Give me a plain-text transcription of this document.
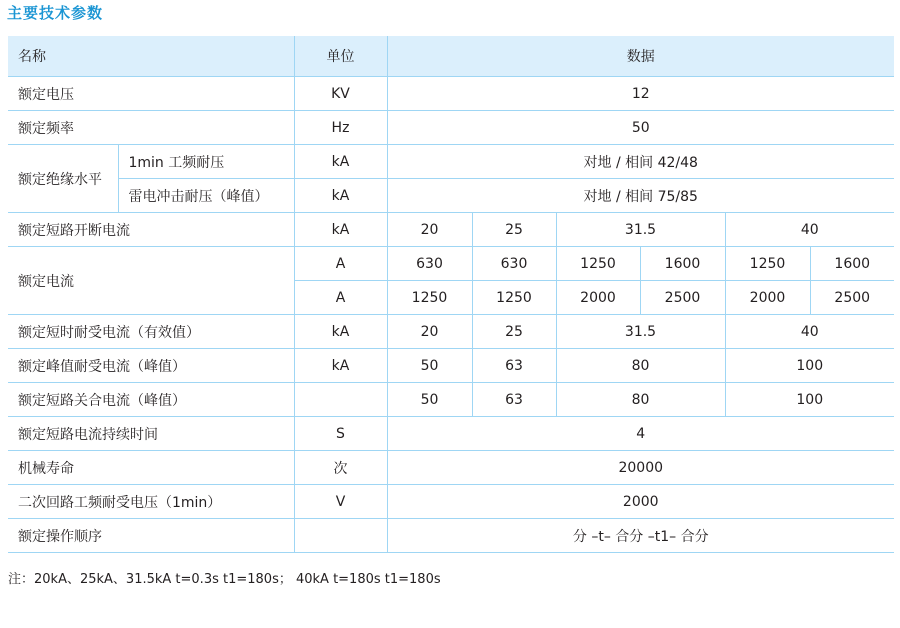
主要技术参数
名称		单位	数据					
额定电压		KV	12					
额定频率		Hz	50					
额定绝缘水平	1min 工频耐压	kA	对地 / 相间 42/48					
	雷电冲击耐压（峰值）	kA	对地 / 相间 75/85					
额定短路开断电流		kA	20	25	31.5		40	
额定电流		A	630	630	1250	1600	1250	1600
		A	1250	1250	2000	2500	2000	2500
额定短时耐受电流（有效值）		kA	20	25	31.5		40	
额定峰值耐受电流（峰值）		kA	50	63	80		100	
额定短路关合电流（峰值）			50	63	80		100	
额定短路电流持续时间		S	4					
机械寿命		次	20000					
二次回路工频耐受电压（1min）		V	2000					
额定操作顺序			分 –t– 合分 –t1– 合分					
注：20kA、25kA、31.5kA t=0.3s t1=180s； 40kA t=180s t1=180s
